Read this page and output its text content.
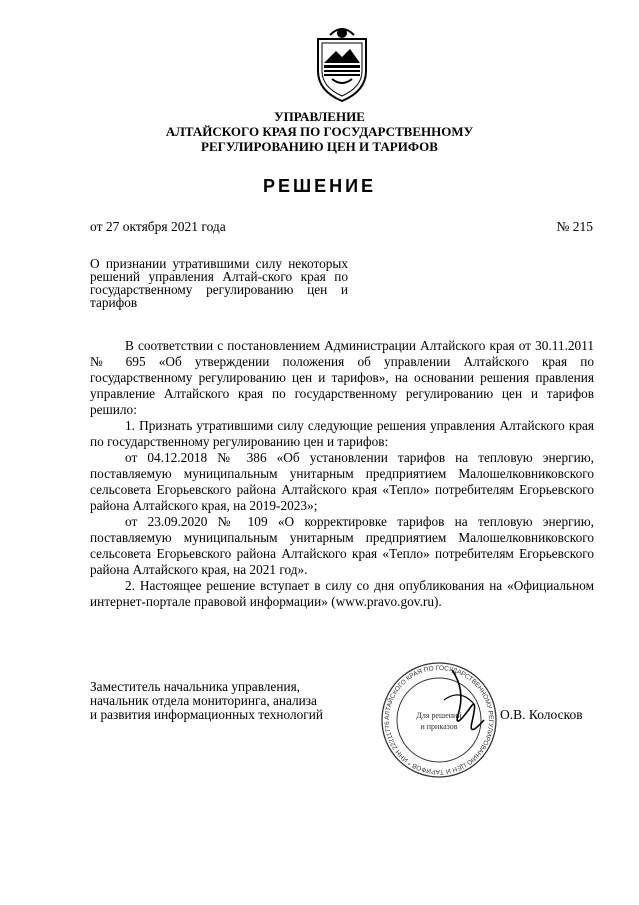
УПРАВЛЕНИЕ
АЛТАЙСКОГО КРАЯ ПО ГОСУДАРСТВЕННОМУ
РЕГУЛИРОВАНИЮ ЦЕН И ТАРИФОВ
РЕШЕНИЕ
от 27 октября 2021 года	№ 215
О признании утратившими силу некоторых решений управления Алтай-ского края по государственному регулированию цен и тарифов

В соответствии с постановлением Администрации Алтайского края от 30.11.2011 № 695 «Об утверждении положения об управлении Алтайского края по государственному регулированию цен и тарифов», на основании решения правления управление Алтайского края по государственному регулированию цен и тарифов решило:

1. Признать утратившими силу следующие решения управления Алтайского края по государственному регулированию цен и тарифов:

от 04.12.2018 № 386 «Об установлении тарифов на тепловую энергию, поставляемую муниципальным унитарным предприятием Малошелковниковского сельсовета Егорьевского района Алтайского края «Тепло» потребителям Егорьевского района Алтайского края, на 2019-2023»;

от 23.09.2020 № 109 «О корректировке тарифов на тепловую энергию, поставляемую муниципальным унитарным предприятием Малошелковниковского сельсовета Егорьевского района Алтайского края «Тепло» потребителям Егорьевского района Алтайского края, на 2021 год».

2. Настоящее решение вступает в силу со дня опубликования на «Официальном интернет-портале правовой информации» (www.pravo.gov.ru).

Заместитель начальника управления,
начальник отдела мониторинга, анализа
и развития информационных технологий	АЛТАЙСКОГО КРАЯ ПО ГОСУДАРСТВЕННОМУ РЕГУЛИРОВАНИЮ ЦЕН И ТАРИФОВ * ИНН 22211776
Для решений
и приказов
О.В. Колосков
